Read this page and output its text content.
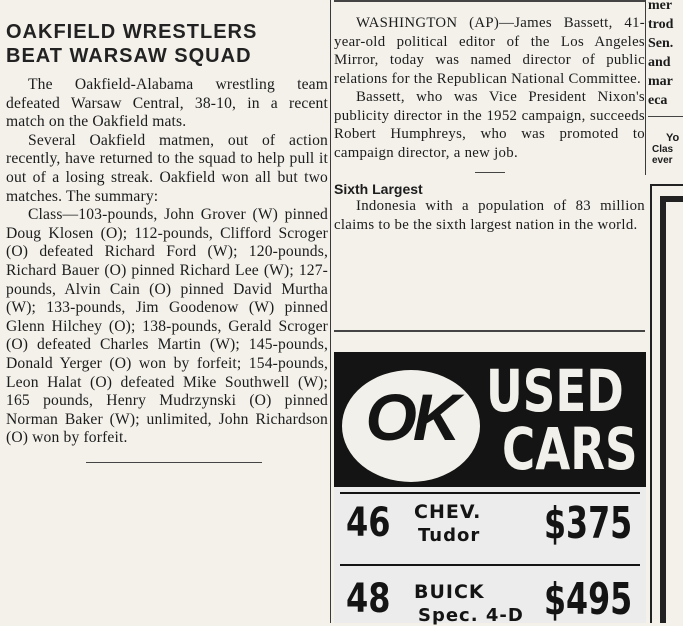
OAKFIELD WRESTLERS
BEAT WARSAW SQUAD

The Oakfield-Alabama wrestling team defeated Warsaw Central, 38-10, in a recent match on the Oakfield mats.

Several Oakfield matmen, out of action recently, have returned to the squad to help pull it out of a losing streak. Oakfield won all but two matches. The summary:

Class—103-pounds, John Grover (W) pinned Doug Klosen (O); 112-pounds, Clifford Scroger (O) defeated Richard Ford (W); 120-pounds, Richard Bauer (O) pinned Richard Lee (W); 127-pounds, Alvin Cain (O) pinned David Murtha (W); 133-pounds, Jim Goodenow (W) pinned Glenn Hilchey (O); 138-pounds, Gerald Scroger (O) defeated Charles Martin (W); 145-pounds, Donald Yerger (O) won by forfeit; 154-pounds, Leon Halat (O) defeated Mike Southwell (W); 165 pounds, Henry Mudrzynski (O) pinned Norman Baker (W); unlimited, John Richardson (O) won by forfeit.

WASHINGTON (AP)—James Bassett, 41-year-old political editor of the Los Angeles Mirror, today was named director of public relations for the Republican National Committee.

Bassett, who was Vice President Nixon's publicity director in the 1952 campaign, succeeds Robert Humphreys, who was promoted to campaign director, a new job.

Sixth Largest

Indonesia with a population of 83 million claims to be the sixth largest nation in the world.

OK USED
CARS
46 CHEV.
Tudor $375
48 BUICK
Spec. 4-D $495
mer
trod
Sen.
and
mar
eca
Yo
Clas
ever
